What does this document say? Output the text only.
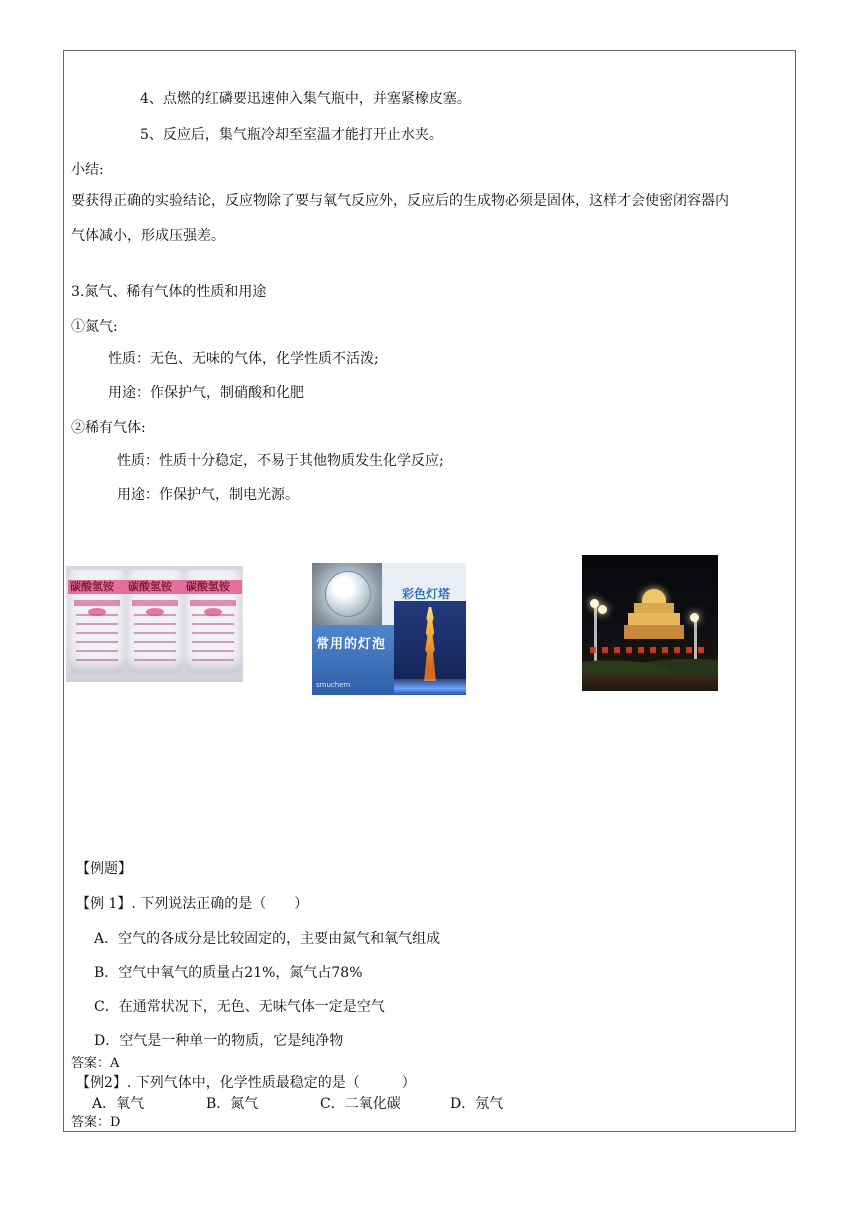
4、点燃的红磷要迅速伸入集气瓶中，并塞紧橡皮塞。
5、反应后，集气瓶冷却至室温才能打开止水夹。
小结:
要获得正确的实验结论，反应物除了要与氧气反应外，反应后的生成物必须是固体，这样才会使密闭容器内
气体减小，形成压强差。
3.氮气、稀有气体的性质和用途
①氮气:
性质：无色、无味的气体，化学性质不活泼;
用途：作保护气，制硝酸和化肥
②稀有气体:
性质：性质十分稳定，不易于其他物质发生化学反应;
用途：作保护气，制电光源。
碳酸氢铵 碳酸氢铵 碳酸氢铵
常用的灯泡
smuchem
彩色灯塔
【例题】
【例 1】. 下列说法正确的是（　　）
A．空气的各成分是比较固定的，主要由氮气和氧气组成
B．空气中氧气的质量占21%，氮气占78%
C．在通常状况下，无色、无味气体一定是空气
D．空气是一种单一的物质，它是纯净物
答案：A
【例2】. 下列气体中，化学性质最稳定的是（　　　）
A．氧气	B．氮气	C．二氧化碳	D．氖气
答案：D
